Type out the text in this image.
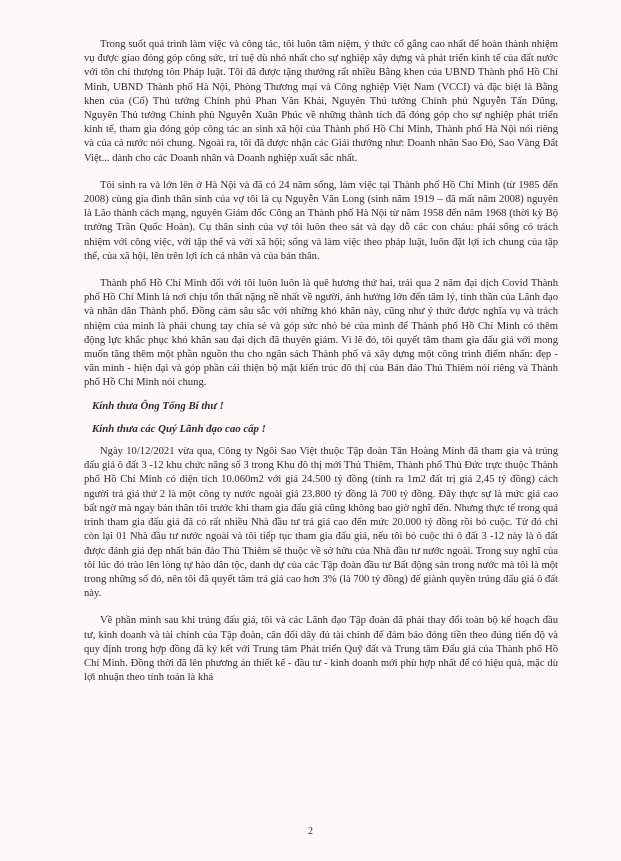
Trong suốt quá trình làm việc và công tác, tôi luôn tâm niệm, ý thức cố gắng cao nhất để hoàn thành nhiệm vụ được giao đóng góp công sức, trí tuệ dù nhỏ nhất cho sự nghiệp xây dựng và phát triển kinh tế của đất nước với tôn chỉ thượng tôn Pháp luật. Tôi đã được tặng thưởng rất nhiều Bằng khen của UBND Thành phố Hồ Chí Minh, UBND Thành phố Hà Nội, Phòng Thương mại và Công nghiệp Việt Nam (VCCI) và đặc biệt là Bằng khen của (Cố) Thủ tướng Chính phủ Phan Văn Khải, Nguyên Thủ tướng Chính phủ Nguyễn Tấn Dũng, Nguyên Thủ tướng Chính phủ Nguyễn Xuân Phúc về những thành tích đã đóng góp cho sự nghiệp phát triển kinh tế, tham gia đóng góp công tác an sinh xã hội của Thành phố Hồ Chí Minh, Thành phố Hà Nội nói riêng và của cả nước nói chung. Ngoài ra, tôi đã được nhận các Giải thưởng như: Doanh nhân Sao Đỏ, Sao Vàng Đất Việt... dành cho các Doanh nhân và Doanh nghiệp xuất sắc nhất.

Tôi sinh ra và lớn lên ở Hà Nội và đã có 24 năm sống, làm việc tại Thành phố Hồ Chí Minh (từ 1985 đến 2008) cùng gia đình thân sinh của vợ tôi là cụ Nguyễn Văn Long (sinh năm 1919 – đã mất năm 2008) nguyên là Lão thành cách mạng, nguyên Giám đốc Công an Thành phố Hà Nội từ năm 1958 đến năm 1968 (thời kỳ Bộ trưởng Trần Quốc Hoàn). Cụ thân sinh của vợ tôi luôn theo sát và dạy dỗ các con cháu: phải sống có trách nhiệm với công việc, với tập thể và với xã hội; sống và làm việc theo pháp luật, luôn đặt lợi ích chung của tập thể, của xã hội, lên trên lợi ích cá nhân và của bản thân.

Thành phố Hồ Chí Minh đối với tôi luôn luôn là quê hương thứ hai, trải qua 2 năm đại dịch Covid Thành phố Hồ Chí Minh là nơi chịu tổn thất nặng nề nhất về người, ảnh hưởng lớn đến tâm lý, tinh thần của Lãnh đạo và nhân dân Thành phố. Đồng cảm sâu sắc với những khó khăn này, cũng như ý thức được nghĩa vụ và trách nhiệm của mình là phải chung tay chia sẻ và góp sức nhỏ bé của mình để Thành phố Hồ Chí Minh có thêm động lực khắc phục khó khăn sau đại dịch đã thuyên giảm. Vì lẽ đó, tôi quyết tâm tham gia đấu giá với mong muốn tăng thêm một phần nguồn thu cho ngân sách Thành phố và xây dựng một công trình điểm nhấn: đẹp - văn minh - hiện đại và góp phần cải thiện bộ mặt kiến trúc đô thị của Bán đảo Thủ Thiêm nói riêng và Thành phố Hồ Chí Minh nói chung.

Kính thưa Ông Tổng Bí thư !
Kính thưa các Quý Lãnh đạo cao cấp !

Ngày 10/12/2021 vừa qua, Công ty Ngôi Sao Việt thuộc Tập đoàn Tân Hoàng Minh đã tham gia và trúng đấu giá ô đất 3 -12 khu chức năng số 3 trong Khu đô thị mới Thủ Thiêm, Thành phố Thủ Đức trực thuộc Thành phố Hồ Chí Minh có diện tích 10.060m2 với giá 24.500 tỷ đồng (tính ra 1m2 đất trị giá 2,45 tỷ đồng) cách người trả giá thứ 2 là một công ty nước ngoài giá 23.800 tỷ đồng là 700 tỷ đồng. Đây thực sự là mức giá cao bất ngờ mà ngay bản thân tôi trước khi tham gia đấu giá cũng không bao giờ nghĩ đến. Nhưng thực tế trong quá trình tham gia đấu giá đã có rất nhiều Nhà đầu tư trả giá cao đến mức 20.000 tỷ đồng rồi bỏ cuộc. Từ đó chỉ còn lại 01 Nhà đầu tư nước ngoài và tôi tiếp tục tham gia đấu giá, nếu tôi bỏ cuộc thì ô đất 3 -12 này là ô đất được đánh giá đẹp nhất bán đảo Thủ Thiêm sẽ thuộc về sở hữu của Nhà đầu tư nước ngoài. Trong suy nghĩ của tôi lúc đó trào lên lòng tự hào dân tộc, danh dự của các Tập đoàn đầu tư Bất động sản trong nước mà tôi là một trong những số đó, nên tôi đã quyết tâm trả giá cao hơn 3% (là 700 tỷ đồng) để giành quyền trúng đấu giá ô đất này.

Về phần mình sau khi trúng đấu giá, tôi và các Lãnh đạo Tập đoàn đã phải thay đổi toàn bộ kế hoạch đầu tư, kinh doanh và tài chính của Tập đoàn, cân đối dây đủ tài chính để đảm bảo đóng tiền theo đúng tiến độ và quy định trong hợp đồng đã ký kết với Trung tâm Phát triển Quỹ đất và Trung tâm Đấu giá của Thành phố Hồ Chí Minh. Đồng thời đã lên phương án thiết kế - đầu tư - kinh doanh mới phù hợp nhất để có hiệu quả, mặc dù lợi nhuận theo tính toán là khá

2
